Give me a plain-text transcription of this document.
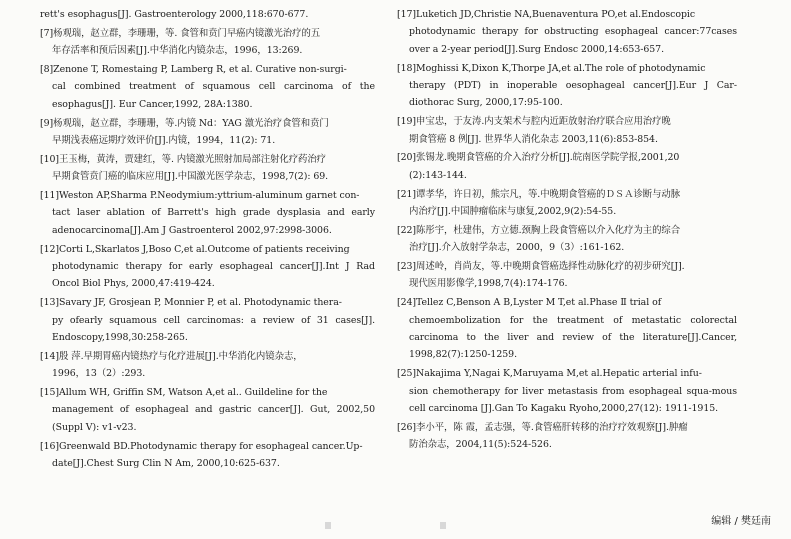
rett's esophagus[J]. Gastroenterology 2000,118:670-677.
[7]杨观瑞，赵立群，李珊珊，等. 食管和贲门早癌内镜激光治疗的五
年存活率和预后因素[J].中华消化内镜杂志，1996，13:269.
[8]Zenone T, Romestaing P, Lamberg R, et al. Curative non-surgi-
cal combined treatment of squamous cell carcinoma of the esophagus[J]. Eur Cancer,1992, 28A:1380.
[9]杨观瑞，赵立群，李珊珊，等.内镜 Nd：YAG 激光治疗食管和贲门
早期浅表癌远期疗效评价[J].内镜，1994，11(2): 71.
[10]王玉梅，黄涛，贾建红，等. 内镜激光照射加局部注射化疗药治疗
早期食管贲门癌的临床应用[J].中国激光医学杂志，1998,7(2): 69.
[11]Weston AP,Sharma P.Neodymium:yttrium-aluminum garnet con-
tact laser ablation of Barrett's high grade dysplasia and early adenocarcinoma[J].Am J Gastroenterol 2002,97:2998-3006.
[12]Corti L,Skarlatos J,Boso C,et al.Outcome of patients receiving
photodynamic therapy for early esophageal cancer[J].Int J Rad Oncol Biol Phys, 2000,47:419-424.
[13]Savary JF, Grosjean P, Monnier P, et al. Photodynamic thera-
py ofearly squamous cell carcinomas: a review of 31 cases[J]. Endoscopy,1998,30:258-265.
[14]殷 萍.早期胃癌内镜热疗与化疗进展[J].中华消化内镜杂志，
1996，13（2）:293.
[15]Allum WH, Griffin SM, Watson A,et al.. Guildeline for the
management of esophageal and gastric cancer[J]. Gut, 2002,50 (Suppl Ⅴ): v1-v23.
[16]Greenwald BD.Photodynamic therapy for esophageal cancer.Up-
date[J].Chest Surg Clin N Am, 2000,10:625-637.
[17]Luketich JD,Christie NA,Buenaventura PO,et al.Endoscopic
photodynamic therapy for obstructing esophageal cancer:77cases over a 2-year period[J].Surg Endosc 2000,14:653-657.
[18]Moghissi K,Dixon K,Thorpe JA,et al.The role of photodynamic
therapy (PDT) in inoperable oesophageal cancer[J].Eur J Car-diothorac Surg, 2000,17:95-100.
[19]申宝忠，于友涛.内支架术与腔内近距放射治疗联合应用治疗晚
期食管癌 8 例[J]. 世界华人消化杂志 2003,11(6):853-854.
[20]张锡龙.晚期食管癌的介入治疗分析[J].皖南医学院学报,2001,20
(2):143-144.
[21]谭孝华，许日初，熊宗凡，等.中晚期食管癌的ＤＳＡ诊断与动脉
内治疗[J].中国肿瘤临床与康复,2002,9(2):54-55.
[22]陈彤宇，杜建伟，方立德.颈胸上段食管癌以介入化疗为主的综合
治疗[J].介入放射学杂志，2000，9（3）:161-162.
[23]周述岭，肖尚友，等.中晚期食管癌选择性动脉化疗的初步研究[J].
现代医用影像学,1998,7(4):174-176.
[24]Tellez C,Benson A B,Lyster M T,et al.Phase Ⅱ trial of
chemoembolization for the treatment of metastatic colorectal carcinoma to the liver and review of the literature[J].Cancer, 1998,82(7):1250-1259.
[25]Nakajima Y,Nagai K,Maruyama M,et al.Hepatic arterial infu-
sion chemotherapy for liver metastasis from esophageal squa-mous cell carcinoma [J].Gan To Kagaku Ryoho,2000,27(12): 1911-1915.
[26]李小平，陈 霞，孟志强，等.食管癌肝转移的治疗疗效观察[J].肿瘤
防治杂志，2004,11(5):524-526.
编辑 / 樊廷南
